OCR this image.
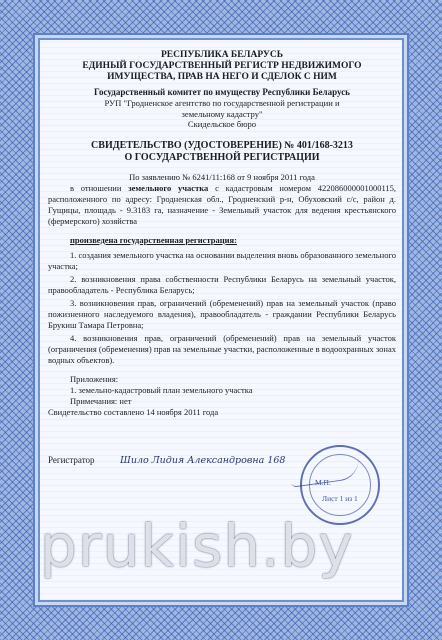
РЕСПУБЛИКА БЕЛАРУСЬ
ЕДИНЫЙ ГОСУДАРСТВЕННЫЙ РЕГИСТР НЕДВИЖИМОГО
ИМУЩЕСТВА, ПРАВ НА НЕГО И СДЕЛОК С НИМ
Государственный комитет по имуществу Республики Беларусь
РУП "Гродненское агентство по государственной регистрации и
земельному кадастру"
Скидельское бюро
СВИДЕТЕЛЬСТВО (УДОСТОВЕРЕНИЕ) № 401/168-3213
О ГОСУДАРСТВЕННОЙ РЕГИСТРАЦИИ
По заявлению № 6241/11:168 от 9 ноября 2011 года
в отношении земельного участка с кадастровым номером 422086000001000115, расположенного по адресу: Гродненская обл., Гродненский р-н, Обуховский с/с, район д. Гущицы, площадь - 9.3183 га, назначение - Земельный участок для ведения крестьянского (фермерского) хозяйства
произведена государственная регистрация:
1. создания земельного участка на основании выделения вновь образованного земельного участка;
2. возникновения права собственности Республики Беларусь на земельный участок, правообладатель - Республика Беларусь;
3. возникновения прав, ограничений (обременений) прав на земельный участок (право пожизненного наследуемого владения), правообладатель - граждании Республики Беларусь Брукиш Тамара Петровна;
4. возникновения прав, ограничений (обременений) прав на земельный участок (ограничения (обременения) прав на земельные участки, расположенные в водоохранных зонах водных объектов).
Приложения:
1. земельно-кадастровый план земельного участка
Примечания: нет
Свидетельство составлено 14 ноября 2011 года
Регистратор	Шило Лидия Александровна 168
М.П.
Лист 1 из 1
prukish.by
